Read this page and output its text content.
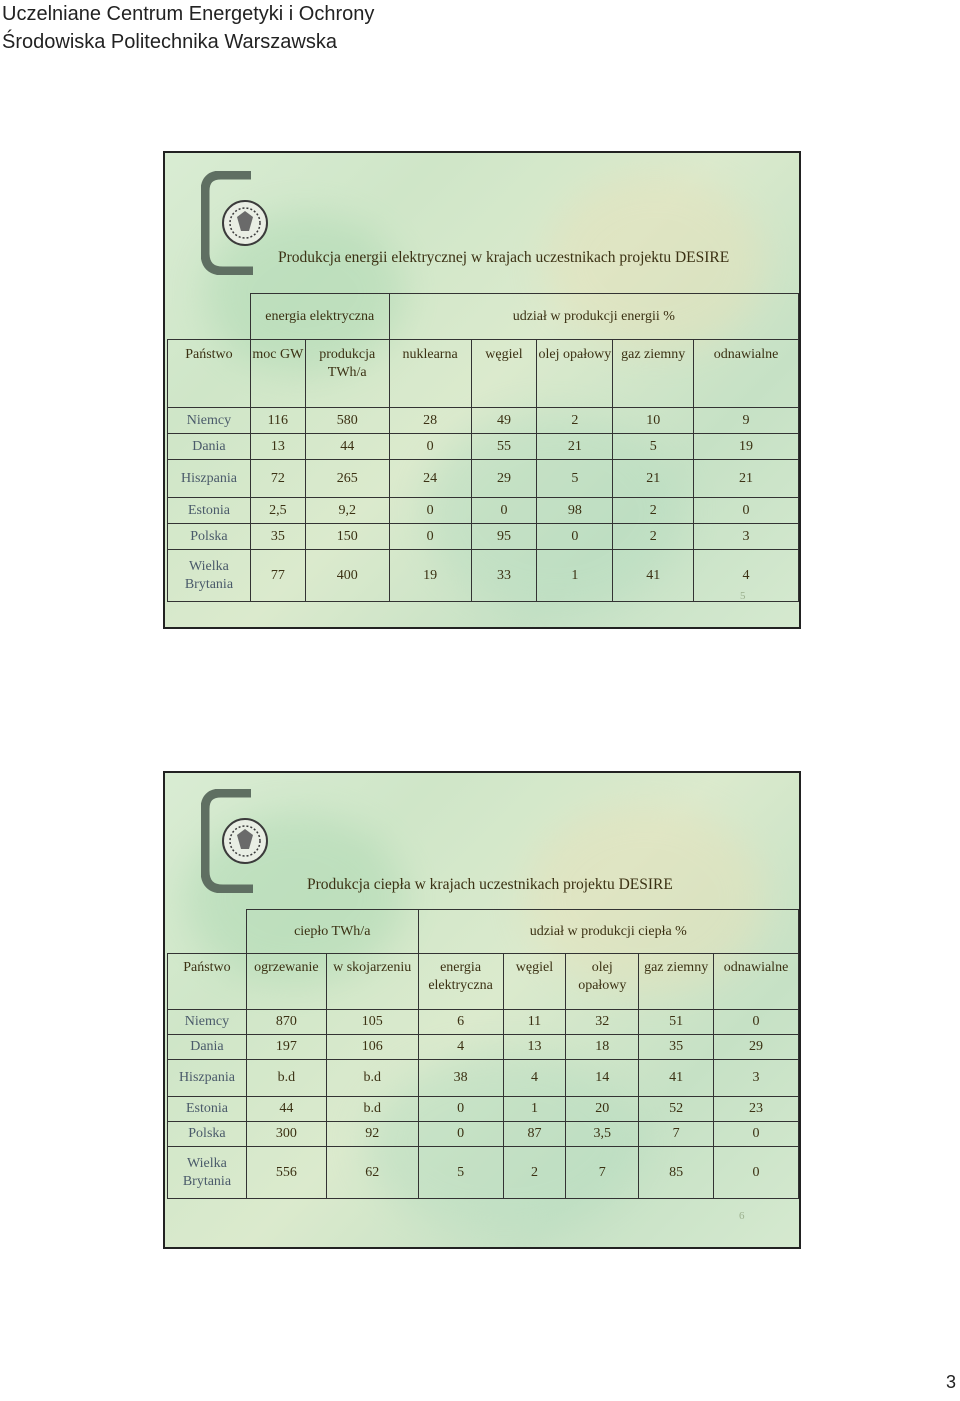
Uczelniane Centrum Energetyki i Ochrony
Środowiska Politechnika Warszawska
Produkcja energii elektrycznej w krajach uczestnikach projektu DESIRE
	energia elektryczna		udział w produkcji energii %				
Państwo	moc GW	produkcja TWh/a	nuklearna	węgiel	olej opałowy	gaz ziemny	odnawialne
Niemcy	116	580	28	49	2	10	9
Dania	13	44	0	55	21	5	19
Hiszpania	72	265	24	29	5	21	21
Estonia	2,5	9,2	0	0	98	2	0
Polska	35	150	0	95	0	2	3
Wielka Brytania	77	400	19	33	1	41	4
5
Produkcja ciepła w krajach uczestnikach projektu DESIRE
	ciepło TWh/a		udział w produkcji ciepła %				
Państwo	ogrzewanie	w skojarzeniu	energia elektryczna	węgiel	olej opałowy	gaz ziemny	odnawialne
Niemcy	870	105	6	11	32	51	0
Dania	197	106	4	13	18	35	29
Hiszpania	b.d	b.d	38	4	14	41	3
Estonia	44	b.d	0	1	20	52	23
Polska	300	92	0	87	3,5	7	0
Wielka Brytania	556	62	5	2	7	85	0
6
3
